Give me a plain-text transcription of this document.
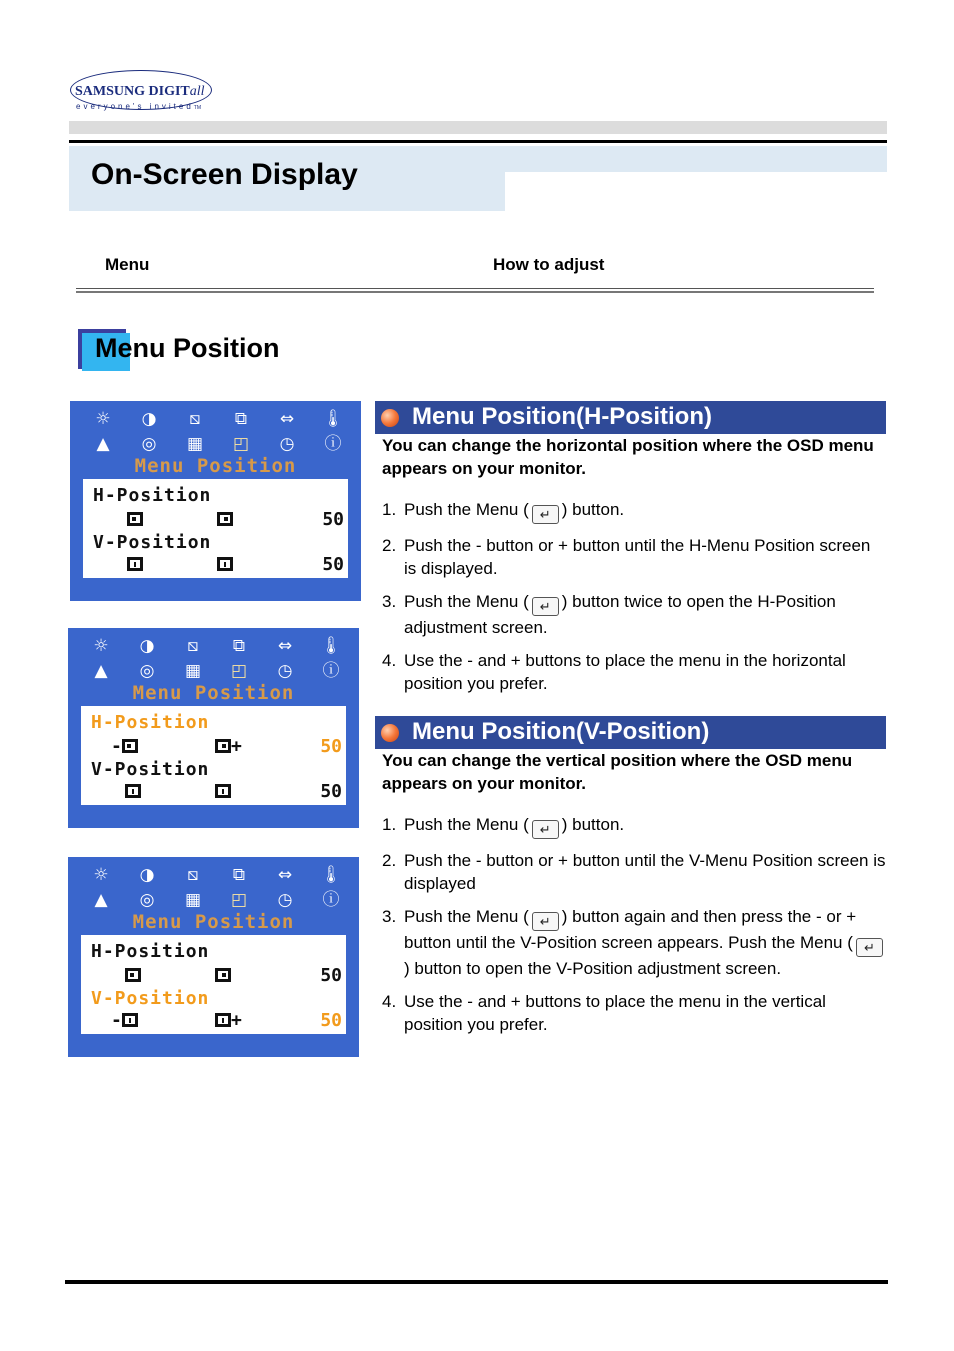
SAMSUNG DIGITall
everyone's invitedTM
On-Screen Display
Menu	How to adjust
Menu Position
☼	◑	⧅	⧉	⇔	🌡
▲	◎	▦	◰	◷	ⓘ
Menu Position
H-Position
50
V-Position
50
☼	◑	⧅	⧉	⇔	🌡
▲	◎	▦	◰	◷	ⓘ
Menu Position
H-Position
-	+	50
V-Position
50
☼	◑	⧅	⧉	⇔	🌡
▲	◎	▦	◰	◷	ⓘ
Menu Position
H-Position
50
V-Position
-	+	50
Menu Position(H-Position)
You can change the horizontal position where the OSD menu appears on your monitor.
1. Push the Menu ( ↵ ) button.
2. Push the - button or + button until the H-Menu Position screen is displayed.
3. Push the Menu ( ↵ ) button twice to open the H-Position adjustment screen.
4. Use the - and + buttons to place the menu in the horizontal position you prefer.
Menu Position(V-Position)
You can change the vertical position where the OSD menu appears on your monitor.
1. Push the Menu ( ↵ ) button.
2. Push the - button or + button until the V-Menu Position screen is displayed
3. Push the Menu ( ↵ ) button again and then press the - or + button until the V-Position screen appears. Push the Menu ( ↵) button to open the V-Position adjustment screen.
4. Use the - and + buttons to place the menu in the vertical position you prefer.
